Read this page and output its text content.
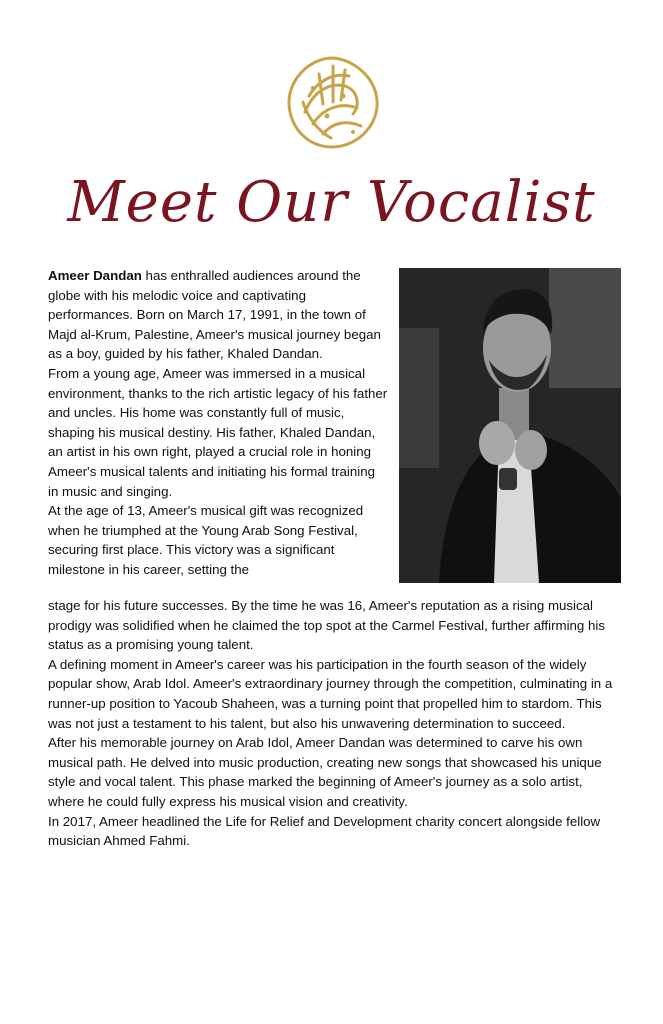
Meet Our Vocalist

Ameer Dandan has enthralled audiences around the globe with his melodic voice and captivating performances. Born on March 17, 1991, in the town of Majd al-Krum, Palestine, Ameer's musical journey began as a boy, guided by his father, Khaled Dandan.

From a young age, Ameer was immersed in a musical environment, thanks to the rich artistic legacy of his father and uncles. His home was constantly full of music, shaping his musical destiny. His father, Khaled Dandan, an artist in his own right, played a crucial role in honing Ameer's musical talents and initiating his formal training in music and singing.

At the age of 13, Ameer's musical gift was recognized when he triumphed at the Young Arab Song Festival, securing first place. This victory was a significant milestone in his career, setting the

stage for his future successes. By the time he was 16, Ameer's reputation as a rising musical prodigy was solidified when he claimed the top spot at the Carmel Festival, further affirming his status as a promising young talent.

A defining moment in Ameer's career was his participation in the fourth season of the widely popular show, Arab Idol. Ameer's extraordinary journey through the competition, culminating in a runner-up position to Yacoub Shaheen, was a turning point that propelled him to stardom. This was not just a testament to his talent, but also his unwavering determination to succeed.

After his memorable journey on Arab Idol, Ameer Dandan was determined to carve his own musical path. He delved into music production, creating new songs that showcased his unique style and vocal talent. This phase marked the beginning of Ameer's journey as a solo artist, where he could fully express his musical vision and creativity.

In 2017, Ameer headlined the Life for Relief and Development charity concert alongside fellow musician Ahmed Fahmi.
